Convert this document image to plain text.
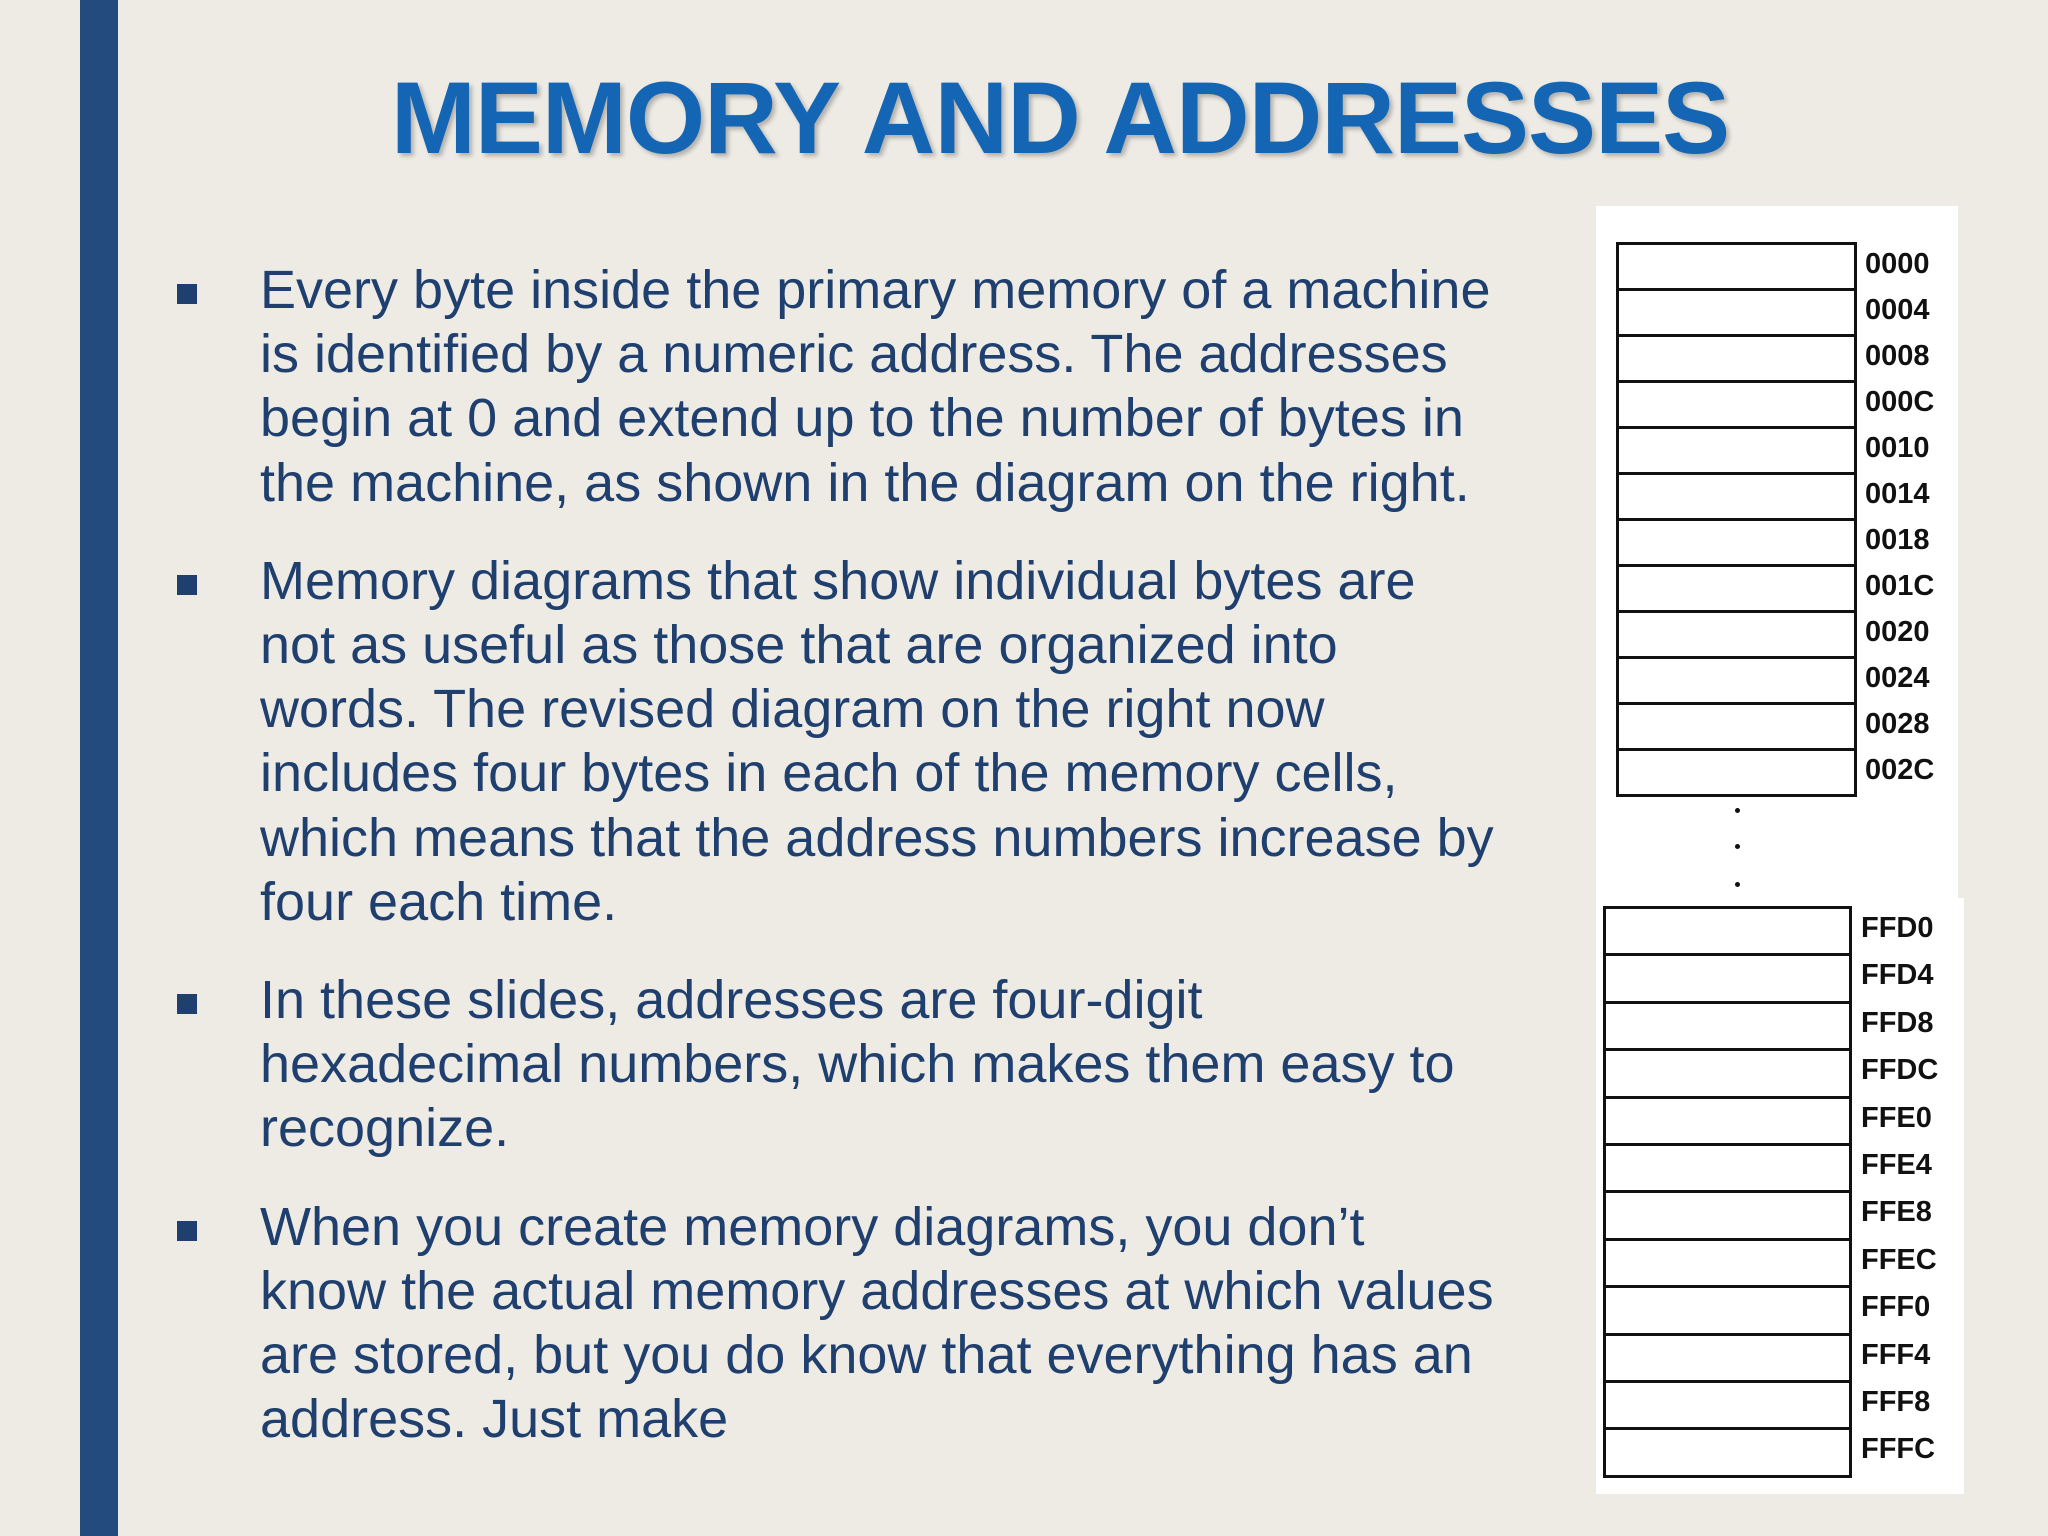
MEMORY AND ADDRESSES
Every byte inside the primary memory of a machine is identified by a numeric address. The addresses begin at 0 and extend up to the number of bytes in the machine, as shown in the diagram on the right.
Memory diagrams that show individual bytes are not as useful as those that are organized into words. The revised diagram on the right now includes four bytes in each of the memory cells, which means that the address numbers increase by four each time.
In these slides, addresses are four-digit hexadecimal numbers, which makes them easy to recognize.
When you create memory diagrams, you don’t know the actual memory addresses at which values are stored, but you do know that everything has an address. Just make
0000
0004
0008
000C
0010
0014
0018
001C
0020
0024
0028
002C
FFD0
FFD4
FFD8
FFDC
FFE0
FFE4
FFE8
FFEC
FFF0
FFF4
FFF8
FFFC
